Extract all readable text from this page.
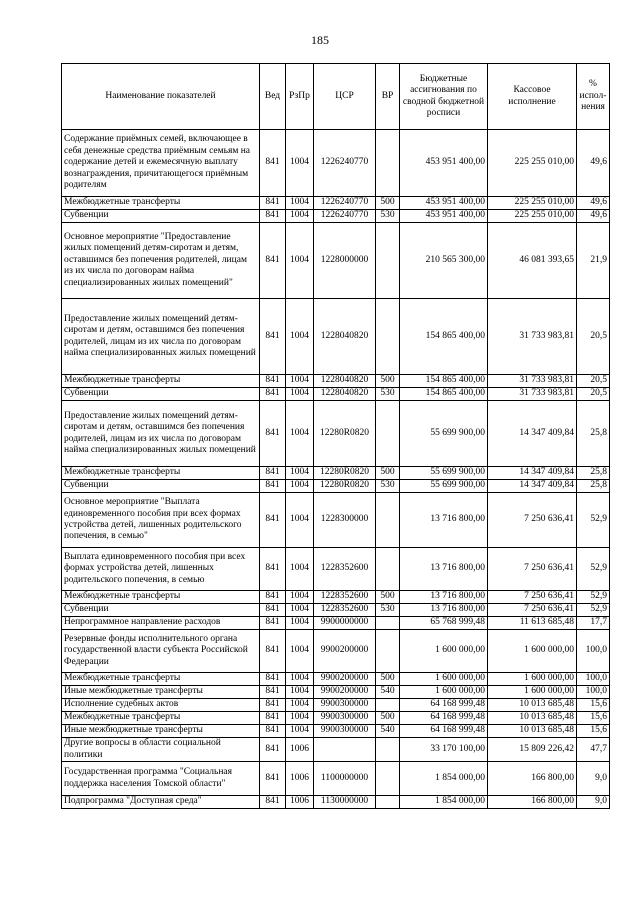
185
Наименование показателей	Вед	РзПр	ЦСР	ВР	Бюджетные ассигнования по сводной бюджетной росписи	Кассовое исполнение	% испол-нения
Содержание приёмных семей, включающее в себя денежные средства приёмным семьям на содержание детей и ежемесячную выплату вознаграждения, причитающегося приёмным родителям	841	1004	1226240770		453 951 400,00	225 255 010,00	49,6
Межбюджетные трансферты	841	1004	1226240770	500	453 951 400,00	225 255 010,00	49,6
Субвенции	841	1004	1226240770	530	453 951 400,00	225 255 010,00	49,6
Основное мероприятие "Предоставление жилых помещений детям-сиротам и детям, оставшимся без попечения родителей, лицам из их числа по договорам найма специализированных жилых помещений"	841	1004	1228000000		210 565 300,00	46 081 393,65	21,9
Предоставление жилых помещений детям-сиротам и детям, оставшимся без попечения родителей, лицам из их числа по договорам найма специализированных жилых помещений	841	1004	1228040820		154 865 400,00	31 733 983,81	20,5
Межбюджетные трансферты	841	1004	1228040820	500	154 865 400,00	31 733 983,81	20,5
Субвенции	841	1004	1228040820	530	154 865 400,00	31 733 983,81	20,5
Предоставление жилых помещений детям-сиротам и детям, оставшимся без попечения родителей, лицам из их числа по договорам найма специализированных жилых помещений	841	1004	12280R0820		55 699 900,00	14 347 409,84	25,8
Межбюджетные трансферты	841	1004	12280R0820	500	55 699 900,00	14 347 409,84	25,8
Субвенции	841	1004	12280R0820	530	55 699 900,00	14 347 409,84	25,8
Основное мероприятие "Выплата единовременного пособия при всех формах устройства детей, лишенных родительского попечения, в семью"	841	1004	1228300000		13 716 800,00	7 250 636,41	52,9
Выплата единовременного пособия при всех формах устройства детей, лишенных родительского попечения, в семью	841	1004	1228352600		13 716 800,00	7 250 636,41	52,9
Межбюджетные трансферты	841	1004	1228352600	500	13 716 800,00	7 250 636,41	52,9
Субвенции	841	1004	1228352600	530	13 716 800,00	7 250 636,41	52,9
Непрограммное направление расходов	841	1004	9900000000		65 768 999,48	11 613 685,48	17,7
Резервные фонды исполнительного органа государственной власти субъекта Российской Федерации	841	1004	9900200000		1 600 000,00	1 600 000,00	100,0
Межбюджетные трансферты	841	1004	9900200000	500	1 600 000,00	1 600 000,00	100,0
Иные межбюджетные трансферты	841	1004	9900200000	540	1 600 000,00	1 600 000,00	100,0
Исполнение судебных актов	841	1004	9900300000		64 168 999,48	10 013 685,48	15,6
Межбюджетные трансферты	841	1004	9900300000	500	64 168 999,48	10 013 685,48	15,6
Иные межбюджетные трансферты	841	1004	9900300000	540	64 168 999,48	10 013 685,48	15,6
Другие вопросы в области социальной политики	841	1006			33 170 100,00	15 809 226,42	47,7
Государственная программа "Социальная поддержка населения Томской области"	841	1006	1100000000		1 854 000,00	166 800,00	9,0
Подпрограмма "Доступная среда"	841	1006	1130000000		1 854 000,00	166 800,00	9,0
